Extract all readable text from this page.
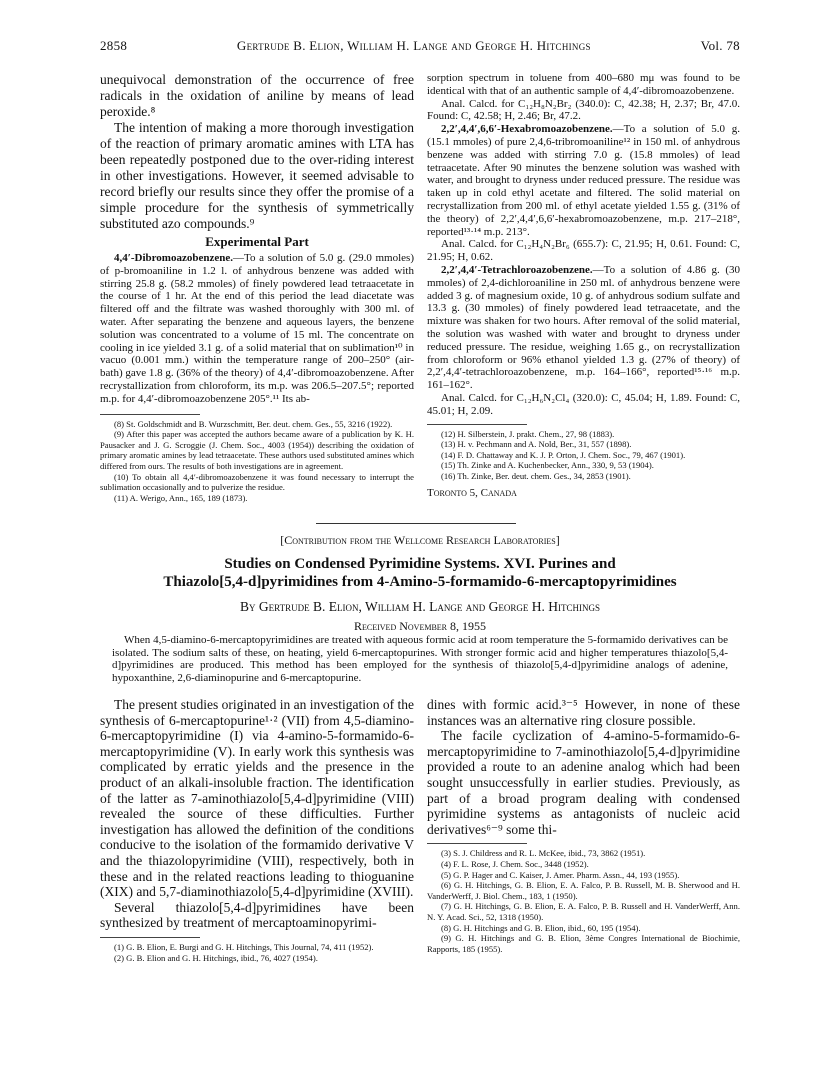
2858	Gertrude B. Elion, William H. Lange and George H. Hitchings	Vol. 78

unequivocal demonstration of the occurrence of free radicals in the oxidation of aniline by means of lead peroxide.⁸

The intention of making a more thorough investigation of the reaction of primary aromatic amines with LTA has been repeatedly postponed due to the over-riding interest in other investigations. However, it seemed advisable to record briefly our results since they offer the promise of a simple procedure for the synthesis of symmetrically substituted azo compounds.⁹

Experimental Part

4,4′-Dibromoazobenzene.—To a solution of 5.0 g. (29.0 mmoles) of p-bromoaniline in 1.2 l. of anhydrous benzene was added with stirring 25.8 g. (58.2 mmoles) of finely powdered lead tetraacetate in the course of 1 hr. At the end of this period the lead diacetate was filtered off and the filtrate was washed thoroughly with 300 ml. of water. After separating the benzene and aqueous layers, the benzene solution was concentrated to a volume of 15 ml. The concentrate on cooling in ice yielded 3.1 g. of a solid material that on sublimation¹⁰ in vacuo (0.001 mm.) within the temperature range of 200–250° (air-bath) gave 1.8 g. (36% of the theory) of 4,4′-dibromoazobenzene. After recrystallization from chloroform, its m.p. was 206.5–207.5°; reported m.p. for 4,4′-dibromoazobenzene 205°.¹¹ Its ab-

(8) St. Goldschmidt and B. Wurzschmitt, Ber. deut. chem. Ges., 55, 3216 (1922).

(9) After this paper was accepted the authors became aware of a publication by K. H. Pausacker and J. G. Scroggie (J. Chem. Soc., 4003 (1954)) describing the oxidation of primary aromatic amines by lead tetraacetate. These authors used substituted amines which differed from ours. The results of both investigations are in agreement.

(10) To obtain all 4,4′-dibromoazobenzene it was found necessary to interrupt the sublimation occasionally and to pulverize the residue.

(11) A. Werigo, Ann., 165, 189 (1873).

sorption spectrum in toluene from 400–680 mμ was found to be identical with that of an authentic sample of 4,4′-dibromoazobenzene.

Anal. Calcd. for C₁₂H₈N₂Br₂ (340.0): C, 42.38; H, 2.37; Br, 47.0. Found: C, 42.58; H, 2.46; Br, 47.2.

2,2′,4,4′,6,6′-Hexabromoazobenzene.—To a solution of 5.0 g. (15.1 mmoles) of pure 2,4,6-tribromoaniline¹² in 150 ml. of anhydrous benzene was added with stirring 7.0 g. (15.8 mmoles) of lead tetraacetate. After 90 minutes the benzene solution was washed with water, and brought to dryness under reduced pressure. The residue was taken up in cold ethyl acetate and filtered. The solid material on recrystallization from 200 ml. of ethyl acetate yielded 1.55 g. (31% of the theory) of 2,2′,4,4′,6,6′-hexabromoazobenzene, m.p. 217–218°, reported¹³·¹⁴ m.p. 213°.

Anal. Calcd. for C₁₂H₄N₂Br₆ (655.7): C, 21.95; H, 0.61. Found: C, 21.95; H, 0.62.

2,2′,4,4′-Tetrachloroazobenzene.—To a solution of 4.86 g. (30 mmoles) of 2,4-dichloroaniline in 250 ml. of anhydrous benzene were added 3 g. of magnesium oxide, 10 g. of anhydrous sodium sulfate and 13.3 g. (30 mmoles) of finely powdered lead tetraacetate, and the mixture was shaken for two hours. After removal of the solid material, the solution was washed with water and brought to dryness under reduced pressure. The residue, weighing 1.65 g., on recrystallization from chloroform or 96% ethanol yielded 1.3 g. (27% of theory) of 2,2′,4,4′-tetrachloroazobenzene, m.p. 164–166°, reported¹⁵·¹⁶ m.p. 161–162°.

Anal. Calcd. for C₁₂H₆N₂Cl₄ (320.0): C, 45.04; H, 1.89. Found: C, 45.01; H, 2.09.

(12) H. Silberstein, J. prakt. Chem., 27, 98 (1883).

(13) H. v. Pechmann and A. Nold, Ber., 31, 557 (1898).

(14) F. D. Chattaway and K. J. P. Orton, J. Chem. Soc., 79, 467 (1901).

(15) Th. Zinke and A. Kuchenbecker, Ann., 330, 9, 53 (1904).

(16) Th. Zinke, Ber. deut. chem. Ges., 34, 2853 (1901).

Toronto 5, Canada

[Contribution from the Wellcome Research Laboratories]
Studies on Condensed Pyrimidine Systems. XVI. Purines and
Thiazolo[5,4-d]pyrimidines from 4-Amino-5-formamido-6-mercaptopyrimidines
By Gertrude B. Elion, William H. Lange and George H. Hitchings
Received November 8, 1955
When 4,5-diamino-6-mercaptopyrimidines are treated with aqueous formic acid at room temperature the 5-formamido derivatives can be isolated. The sodium salts of these, on heating, yield 6-mercaptopurines. With stronger formic acid and higher temperatures thiazolo[5,4-d]pyrimidines are produced. This method has been employed for the synthesis of thiazolo[5,4-d]pyrimidine analogs of adenine, hypoxanthine, 2,6-diaminopurine and 6-mercaptopurine.

The present studies originated in an investigation of the synthesis of 6-mercaptopurine¹·² (VII) from 4,5-diamino-6-mercaptopyrimidine (I) via 4-amino-5-formamido-6-mercaptopyrimidine (V). In early work this synthesis was complicated by erratic yields and the presence in the product of an alkali-insoluble fraction. The identification of the latter as 7-aminothiazolo[5,4-d]pyrimidine (VIII) revealed the source of these difficulties. Further investigation has allowed the definition of the conditions conducive to the isolation of the formamido derivative V and the thiazolopyrimidine (VIII), respectively, both in these and in the related reactions leading to thioguanine (XIX) and 5,7-diaminothiazolo[5,4-d]pyrimidine (XVIII).

Several thiazolo[5,4-d]pyrimidines have been synthesized by treatment of mercaptoaminopyrimi-

(1) G. B. Elion, E. Burgi and G. H. Hitchings, This Journal, 74, 411 (1952).

(2) G. B. Elion and G. H. Hitchings, ibid., 76, 4027 (1954).

dines with formic acid.³⁻⁵ However, in none of these instances was an alternative ring closure possible.

The facile cyclization of 4-amino-5-formamido-6-mercaptopyrimidine to 7-aminothiazolo[5,4-d]pyrimidine provided a route to an adenine analog which had been sought unsuccessfully in earlier studies. Previously, as part of a broad program dealing with condensed pyrimidine systems as antagonists of nucleic acid derivatives⁶⁻⁹ some thi-

(3) S. J. Childress and R. L. McKee, ibid., 73, 3862 (1951).

(4) F. L. Rose, J. Chem. Soc., 3448 (1952).

(5) G. P. Hager and C. Kaiser, J. Amer. Pharm. Assn., 44, 193 (1955).

(6) G. H. Hitchings, G. B. Elion, E. A. Falco, P. B. Russell, M. B. Sherwood and H. VanderWerff, J. Biol. Chem., 183, 1 (1950).

(7) G. H. Hitchings, G. B. Elion, E. A. Falco, P. B. Russell and H. VanderWerff, Ann. N. Y. Acad. Sci., 52, 1318 (1950).

(8) G. H. Hitchings and G. B. Elion, ibid., 60, 195 (1954).

(9) G. H. Hitchings and G. B. Elion, 3ème Congres International de Biochimie, Rapports, 185 (1955).
